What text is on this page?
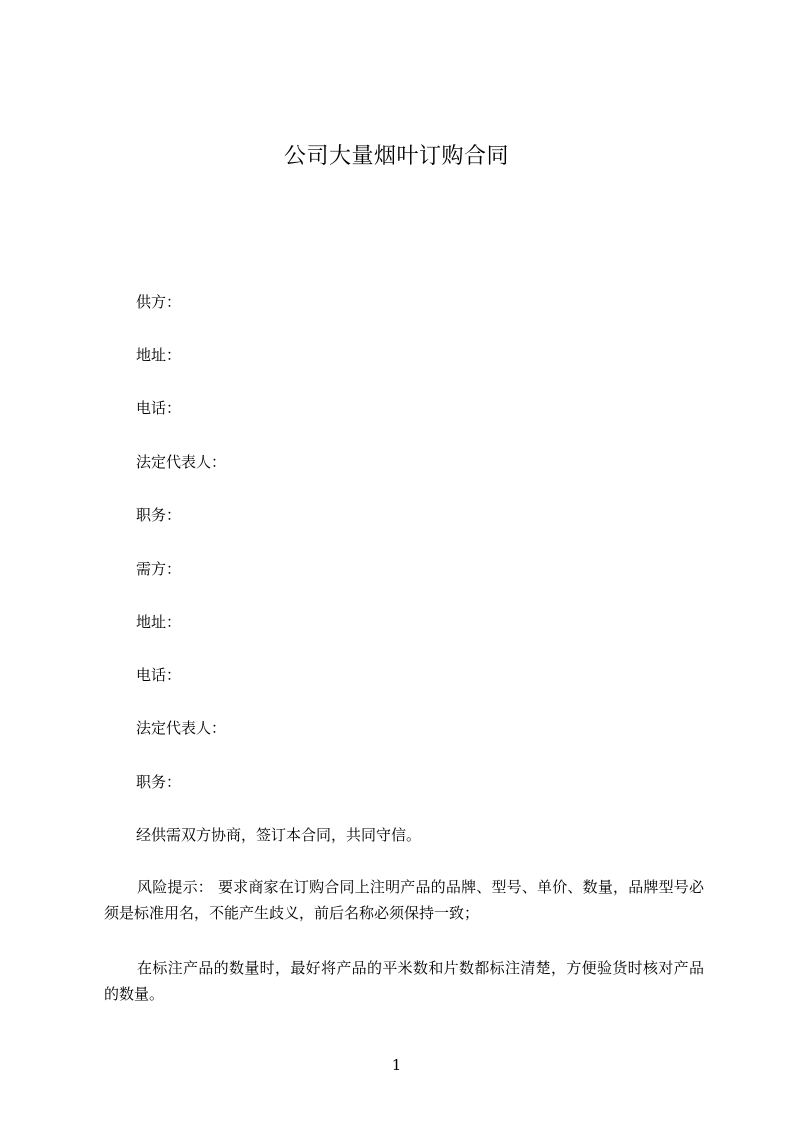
公司大量烟叶订购合同
供方：
地址：
电话：
法定代表人：
职务：
需方：
地址：
电话：
法定代表人：
职务：
经供需双方协商，签订本合同，共同守信。
风险提示： 要求商家在订购合同上注明产品的品牌、型号、单价、数量，品牌型号必须是标准用名，不能产生歧义，前后名称必须保持一致；
在标注产品的数量时，最好将产品的平米数和片数都标注清楚，方便验货时核对产品的数量。
1
